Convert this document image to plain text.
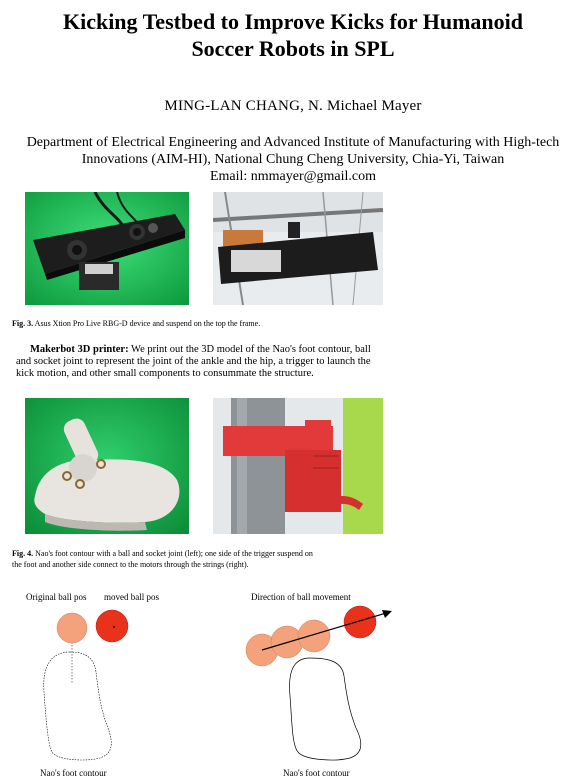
Kicking Testbed to Improve Kicks for Humanoid
Soccer Robots in SPL
MING-LAN CHANG, N. Michael Mayer
Department of Electrical Engineering and Advanced Institute of Manufacturing with High-tech
Innovations (AIM-HI), National Chung Cheng University, Chia-Yi, Taiwan
Email: nmmayer@gmail.com
Fig. 3. Asus Xtion Pro Live RBG-D device and suspend on the top the frame.
Makerbot 3D printer: We print out the 3D model of the Nao's foot contour, ball
and socket joint to represent the joint of the ankle and the hip, a trigger to launch the
kick motion, and other small components to consummate the structure.
Fig. 4. Nao's foot contour with a ball and socket joint (left); one side of the trigger suspend on
the foot and another side connect to the motors through the strings (right).
Original ball pos moved ball pos	Direction of ball movement
Nao's foot contour	Nao's foot contour
